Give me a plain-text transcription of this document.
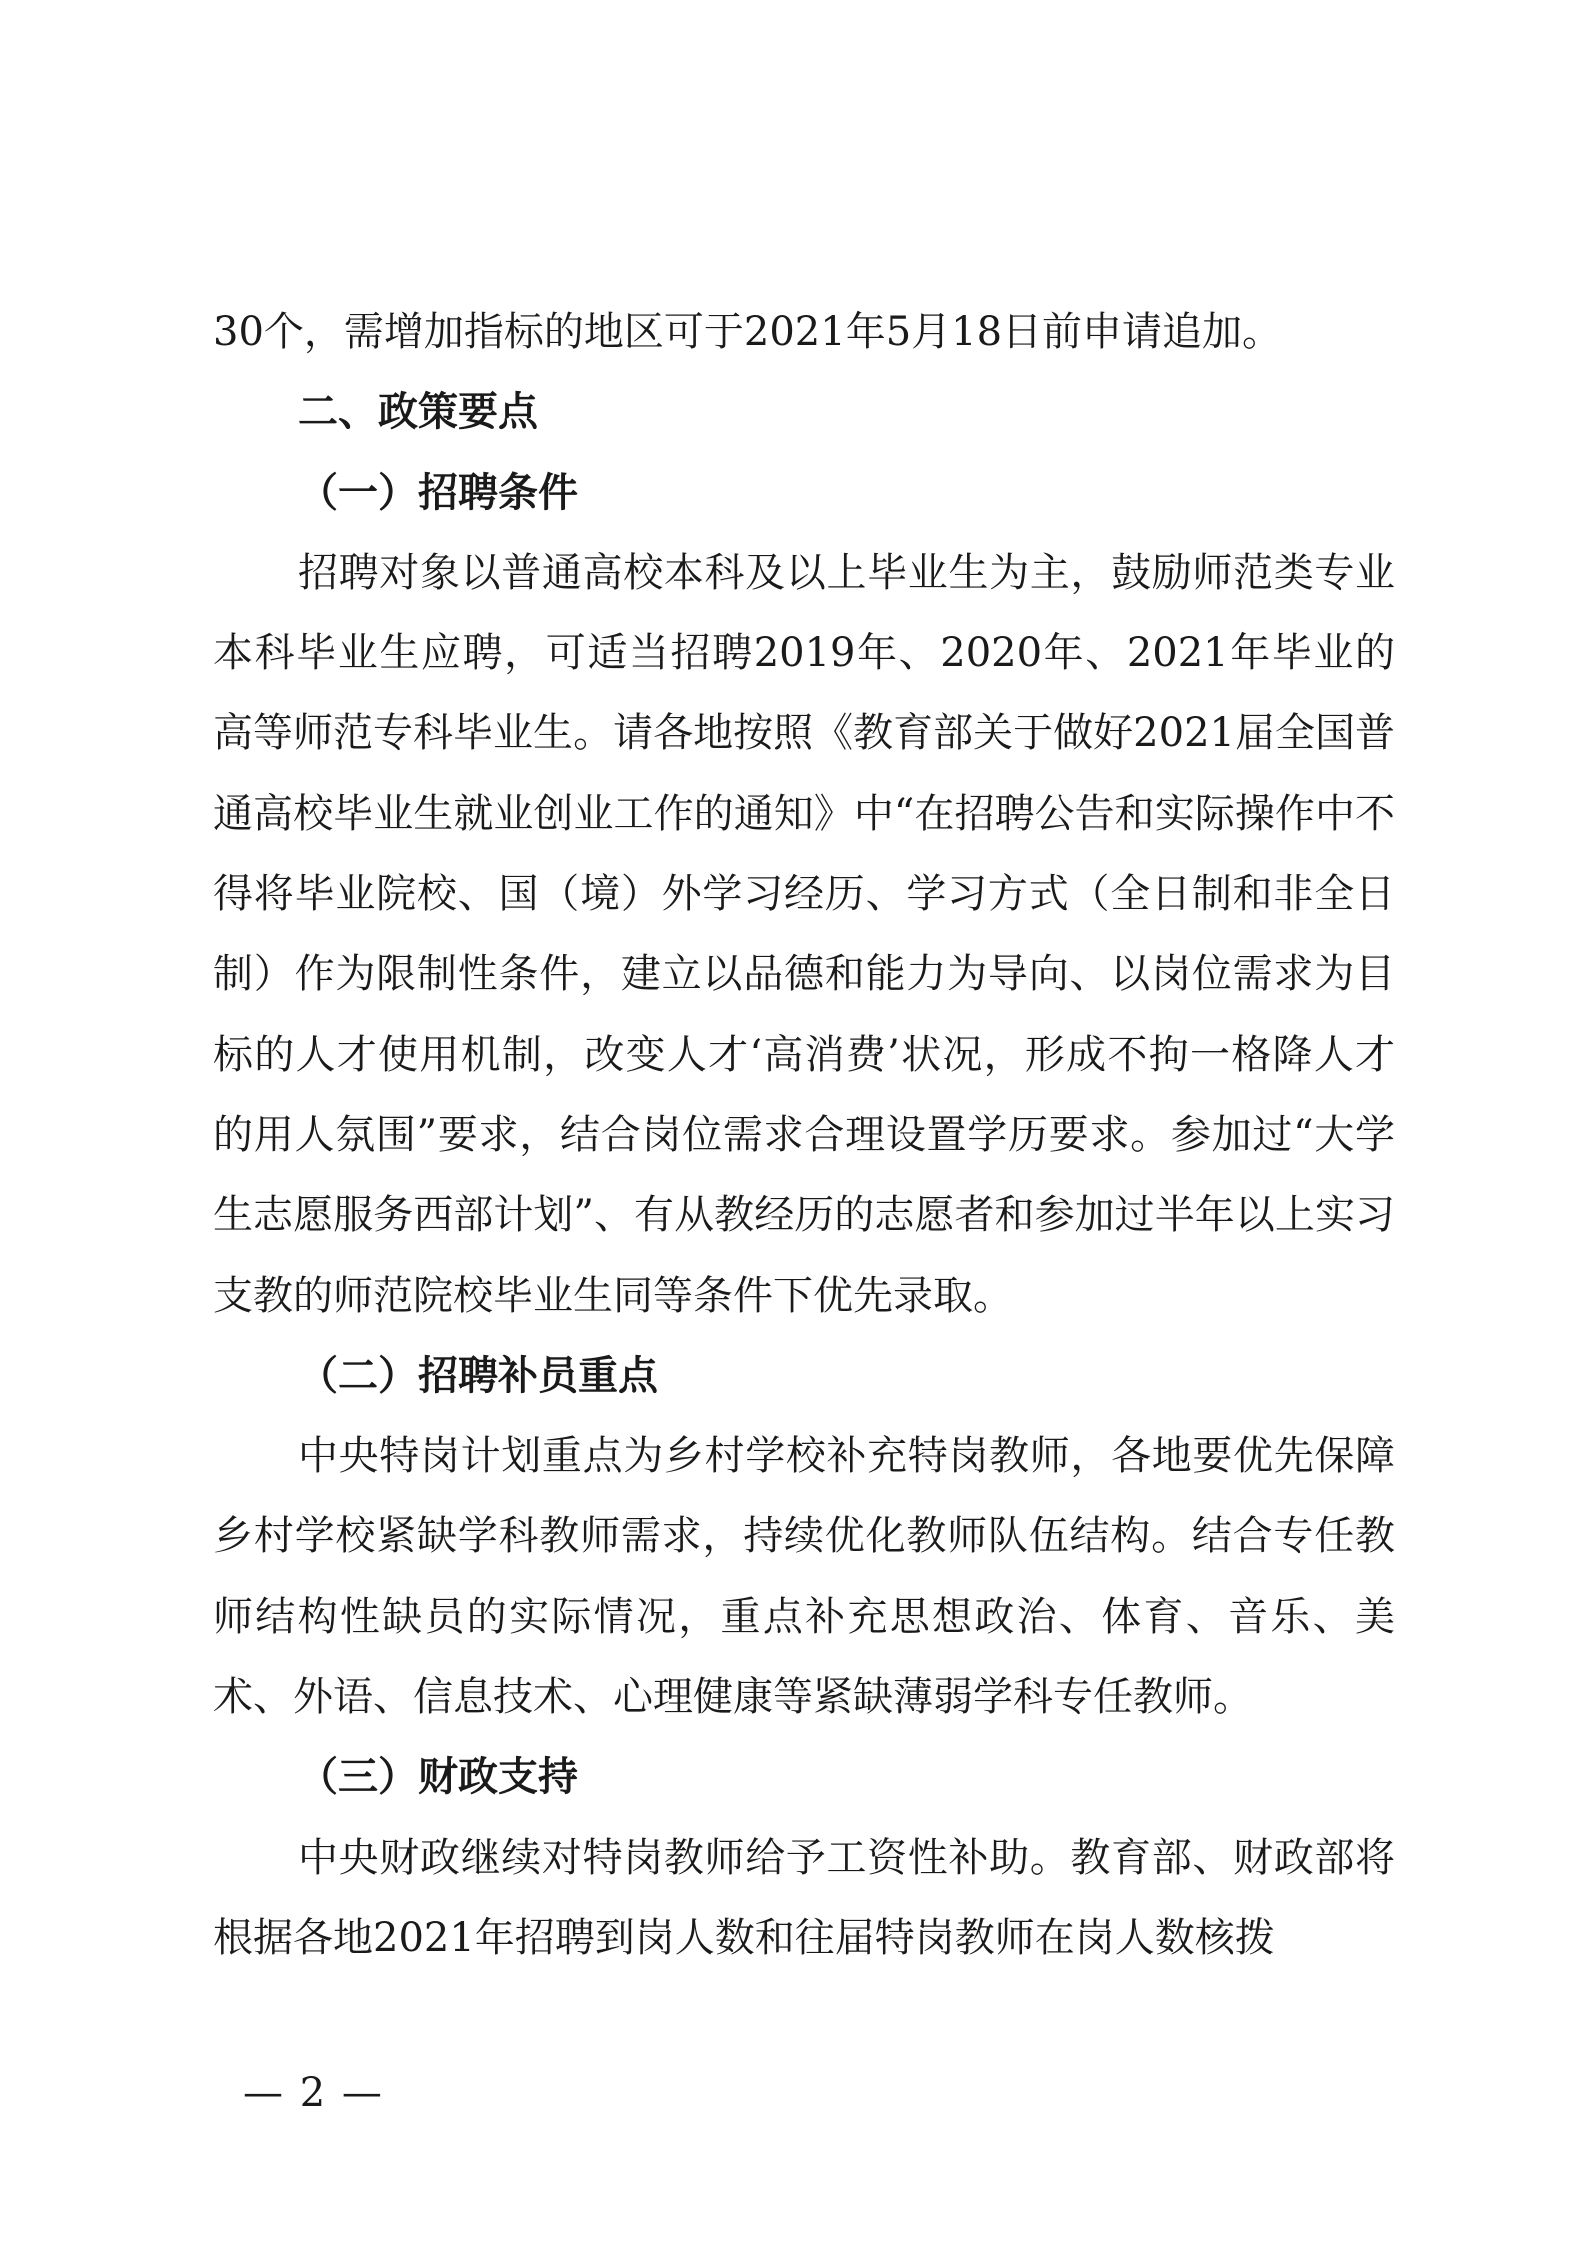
30个，需增加指标的地区可于2021年5月18日前申请追加。

二、政策要点

（一）招聘条件

招聘对象以普通高校本科及以上毕业生为主，鼓励师范类专业本科毕业生应聘，可适当招聘2019年、2020年、2021年毕业的高等师范专科毕业生。请各地按照《教育部关于做好2021届全国普通高校毕业生就业创业工作的通知》中“在招聘公告和实际操作中不得将毕业院校、国（境）外学习经历、学习方式（全日制和非全日制）作为限制性条件，建立以品德和能力为导向、以岗位需求为目标的人才使用机制，改变人才‘高消费’状况，形成不拘一格降人才的用人氛围”要求，结合岗位需求合理设置学历要求。参加过“大学生志愿服务西部计划”、有从教经历的志愿者和参加过半年以上实习支教的师范院校毕业生同等条件下优先录取。

（二）招聘补员重点

中央特岗计划重点为乡村学校补充特岗教师，各地要优先保障乡村学校紧缺学科教师需求，持续优化教师队伍结构。结合专任教师结构性缺员的实际情况，重点补充思想政治、体育、音乐、美术、外语、信息技术、心理健康等紧缺薄弱学科专任教师。

（三）财政支持

中央财政继续对特岗教师给予工资性补助。教育部、财政部将根据各地2021年招聘到岗人数和往届特岗教师在岗人数核拨

— 2 —
